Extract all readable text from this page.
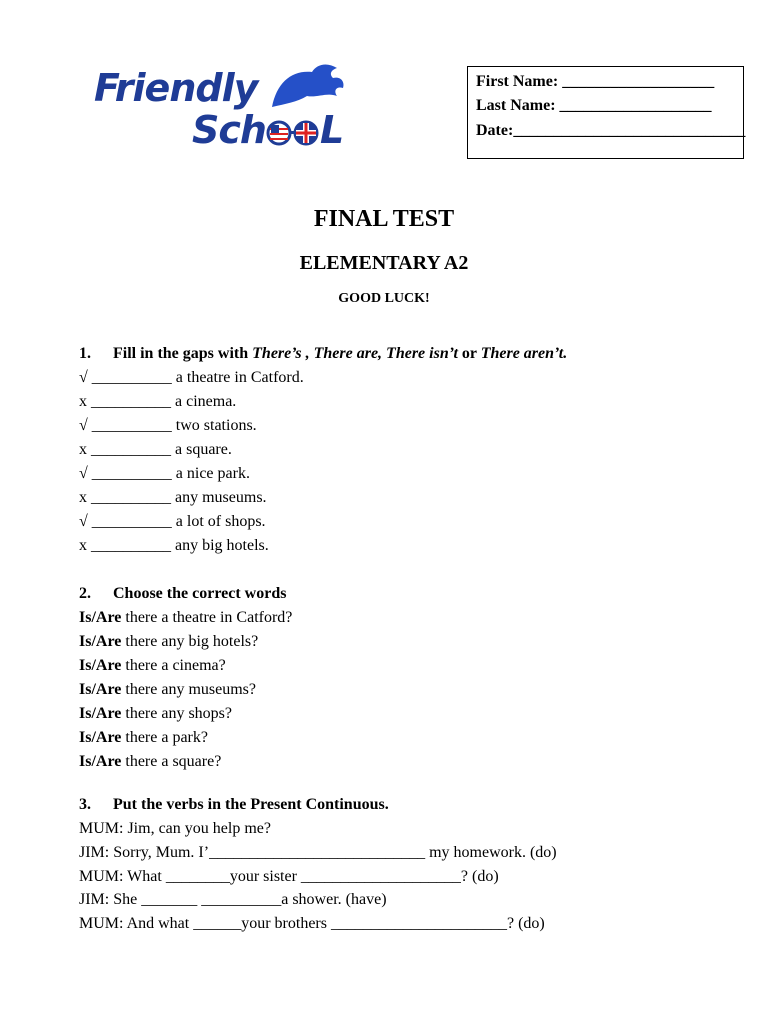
Friendly
Sch L
First Name: ___________________
Last Name: ___________________
Date:_____________________________
FINAL TEST
ELEMENTARY A2
GOOD LUCK!
1. Fill in the gaps with There’s , There are, There isn’t or There aren’t.
√ __________ a theatre in Catford.
x __________ a cinema.
√ __________ two stations.
x __________ a square.
√ __________ a nice park.
x __________ any museums.
√ __________ a lot of shops.
x __________ any big hotels.
2. Choose the correct words
Is/Are there a theatre in Catford?
Is/Are there any big hotels?
Is/Are there a cinema?
Is/Are there any museums?
Is/Are there any shops?
Is/Are there a park?
Is/Are there a square?
3. Put the verbs in the Present Continuous.
MUM: Jim, can you help me?
JIM: Sorry, Mum. I’___________________________ my homework. (do)
MUM: What ________your sister ____________________? (do)
JIM: She _______ __________a shower. (have)
MUM: And what ______your brothers ______________________? (do)
